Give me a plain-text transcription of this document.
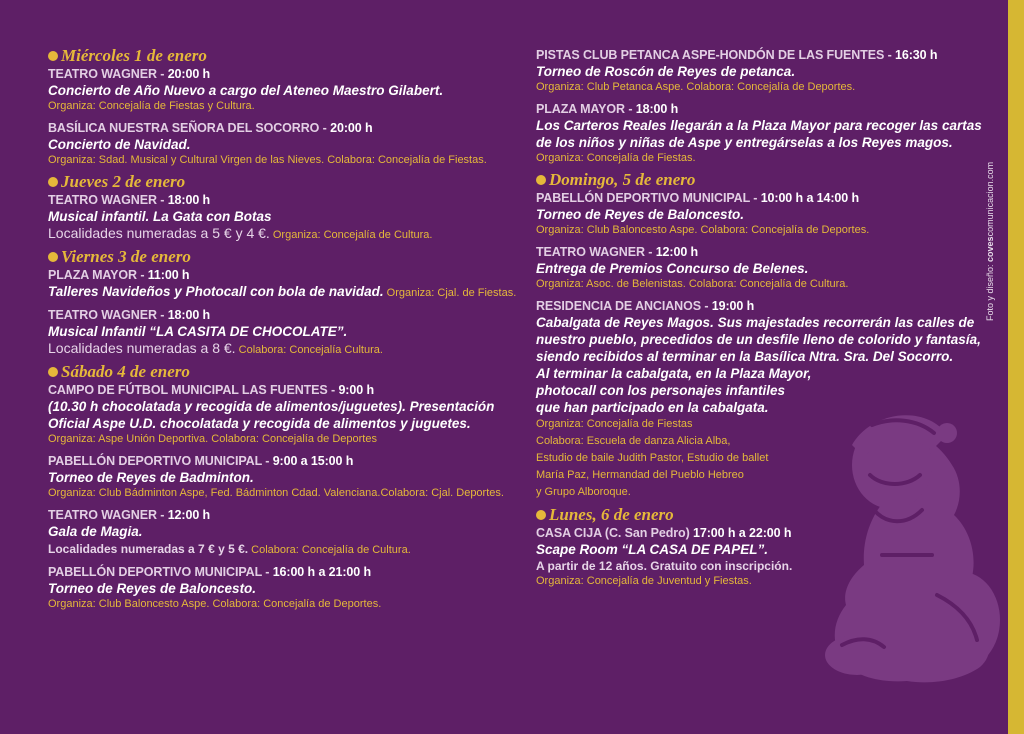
Foto y diseño: covescomunicacion.com
Miércoles 1 de enero
TEATRO WAGNER - 20:00 h
Concierto de Año Nuevo a cargo del Ateneo Maestro Gilabert.
Organiza: Concejalía de Fiestas y Cultura.
BASÍLICA NUESTRA SEÑORA DEL SOCORRO - 20:00 h
Concierto de Navidad.
Organiza: Sdad. Musical y Cultural Virgen de las Nieves. Colabora: Concejalía de Fiestas.
Jueves 2 de enero
TEATRO WAGNER - 18:00 h
Musical infantil. La Gata con Botas
Localidades numeradas a 5 € y 4 €. Organiza: Concejalía de Cultura.
Viernes 3 de enero
PLAZA MAYOR - 11:00 h
Talleres Navideños y Photocall con bola de navidad. Organiza: Cjal. de Fiestas.
TEATRO WAGNER - 18:00 h
Musical Infantil “LA CASITA DE CHOCOLATE”.
Localidades numeradas a 8 €. Colabora: Concejalía Cultura.
Sábado 4 de enero
CAMPO DE FÚTBOL MUNICIPAL LAS FUENTES - 9:00 h
(10.30 h chocolatada y recogida de alimentos/juguetes). Presentación Oficial Aspe U.D. chocolatada y recogida de alimentos y juguetes.
Organiza: Aspe Unión Deportiva. Colabora: Concejalía de Deportes
PABELLÓN DEPORTIVO MUNICIPAL - 9:00 a 15:00 h
Torneo de Reyes de Badminton.
Organiza: Club Bádminton Aspe, Fed. Bádminton Cdad. Valenciana.Colabora: Cjal. Deportes.
TEATRO WAGNER - 12:00 h
Gala de Magia.
Localidades numeradas a 7 € y 5 €. Colabora: Concejalía de Cultura.
PABELLÓN DEPORTIVO MUNICIPAL - 16:00 h a 21:00 h
Torneo de Reyes de Baloncesto.
Organiza: Club Baloncesto Aspe. Colabora: Concejalía de Deportes.
PISTAS CLUB PETANCA ASPE-HONDÓN DE LAS FUENTES - 16:30 h
Torneo de Roscón de Reyes de petanca.
Organiza: Club Petanca Aspe. Colabora: Concejalía de Deportes.
PLAZA MAYOR - 18:00 h
Los Carteros Reales llegarán a la Plaza Mayor para recoger las cartas de los niños y niñas de Aspe y entregárselas a los Reyes magos.
Organiza: Concejalía de Fiestas.
Domingo, 5 de enero
PABELLÓN DEPORTIVO MUNICIPAL - 10:00 h a 14:00 h
Torneo de Reyes de Baloncesto.
Organiza: Club Baloncesto Aspe. Colabora: Concejalía de Deportes.
TEATRO WAGNER - 12:00 h
Entrega de Premios Concurso de Belenes.
Organiza: Asoc. de Belenistas. Colabora: Concejalía de Cultura.
RESIDENCIA DE ANCIANOS - 19:00 h
Cabalgata de Reyes Magos. Sus majestades recorrerán las calles de
nuestro pueblo, precedidos de un desfile lleno de colorido y fantasía,
siendo recibidos al terminar en la Basílica Ntra. Sra. Del Socorro.
Al terminar la cabalgata, en la Plaza Mayor,
photocall con los personajes infantiles
que han participado en la cabalgata.
Organiza: Concejalía de Fiestas
Colabora: Escuela de danza Alicia Alba,
Estudio de baile Judith Pastor, Estudio de ballet
María Paz, Hermandad del Pueblo Hebreo
y Grupo Alboroque.
Lunes, 6 de enero
CASA CIJA (C. San Pedro) 17:00 h a 22:00 h
Scape Room “LA CASA DE PAPEL”.
A partir de 12 años. Gratuito con inscripción.
Organiza: Concejalía de Juventud y Fiestas.
